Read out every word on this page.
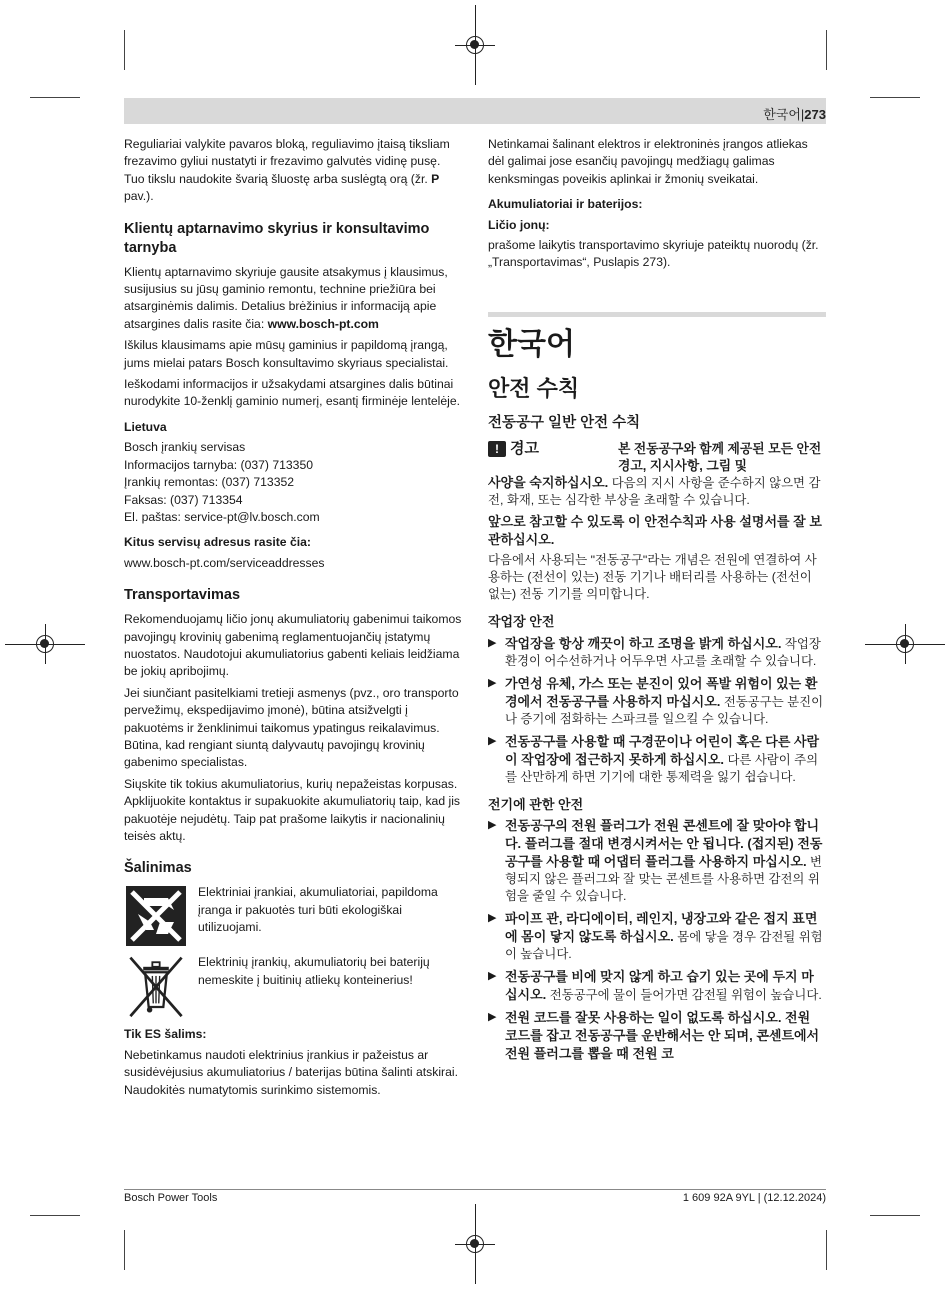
한국어|273

Reguliariai valykite pavaros bloką, reguliavimo įtaisą tiksliam frezavimo gyliui nustatyti ir frezavimo galvutės vidinę pusę. Tuo tikslu naudokite švarią šluostę arba suslėgtą orą (žr. P pav.).

Klientų aptarnavimo skyrius ir konsultavimo tarnyba

Klientų aptarnavimo skyriuje gausite atsakymus į klausimus, susijusius su jūsų gaminio remontu, technine priežiūra bei atsarginėmis dalimis. Detalius brėžinius ir informaciją apie atsargines dalis rasite čia: www.bosch-pt.com

Iškilus klausimams apie mūsų gaminius ir papildomą įrangą, jums mielai patars Bosch konsultavimo skyriaus specialistai.

Ieškodami informacijos ir užsakydami atsargines dalis būtinai nurodykite 10-ženklį gaminio numerį, esantį firminėje lentelėje.

Lietuva
Bosch įrankių servisas
Informacijos tarnyba: (037) 713350
Įrankių remontas: (037) 713352
Faksas: (037) 713354
El. paštas: service-pt@lv.bosch.com
Kitus servisų adresus rasite čia:

www.bosch-pt.com/serviceaddresses

Transportavimas

Rekomenduojamų ličio jonų akumuliatorių gabenimui taikomos pavojingų krovinių gabenimą reglamentuojančių įstatymų nuostatos. Naudotojui akumuliatorius gabenti keliais leidžiama be jokių apribojimų.

Jei siunčiant pasitelkiami tretieji asmenys (pvz., oro transporto pervežimų, ekspedijavimo įmonė), būtina atsižvelgti į pakuotėms ir ženklinimui taikomus ypatingus reikalavimus. Būtina, kad rengiant siuntą dalyvautų pavojingų krovinių gabenimo specialistas.

Siųskite tik tokius akumuliatorius, kurių nepažeistas korpusas. Apklijuokite kontaktus ir supakuokite akumuliatorių taip, kad jis pakuotėje nejudėtų. Taip pat prašome laikytis ir nacionalinių teisės aktų.

Šalinimas
Elektriniai įrankiai, akumuliatoriai, papildoma įranga ir pakuotės turi būti ekologiškai utilizuojami.
Elektrinių įrankių, akumuliatorių bei baterijų nemeskite į buitinių atliekų konteinerius!
Tik ES šalims:

Nebetinkamus naudoti elektrinius įrankius ir pažeistus ar susidėvėjusius akumuliatorius / baterijas būtina šalinti atskirai. Naudokitės numatytomis surinkimo sistemomis.

Netinkamai šalinant elektros ir elektroninės įrangos atliekas dėl galimai jose esančių pavojingų medžiagų galimas kenksmingas poveikis aplinkai ir žmonių sveikatai.

Akumuliatoriai ir baterijos:
Ličio jonų:

prašome laikytis transportavimo skyriuje pateiktų nuorodų (žr. „Transportavimas“, Puslapis 273).

한국어
안전 수칙
전동공구 일반 안전 수칙
! 경고	본 전동공구와 함께 제공된 모든 안전경고, 지시사항, 그림 및

사양을 숙지하십시오. 다음의 지시 사항을 준수하지 않으면 감전, 화재, 또는 심각한 부상을 초래할 수 있습니다.

앞으로 참고할 수 있도록 이 안전수칙과 사용 설명서를 잘 보관하십시오.

다음에서 사용되는 "전동공구"라는 개념은 전원에 연결하여 사용하는 (전선이 있는) 전동 기기나 배터리를 사용하는 (전선이 없는) 전동 기기를 의미합니다.

작업장 안전
▶ 작업장을 항상 깨끗이 하고 조명을 밝게 하십시오. 작업장 환경이 어수선하거나 어두우면 사고를 초래할 수 있습니다.
▶ 가연성 유체, 가스 또는 분진이 있어 폭발 위험이 있는 환경에서 전동공구를 사용하지 마십시오. 전동공구는 분진이나 증기에 점화하는 스파크를 일으킬 수 있습니다.
▶ 전동공구를 사용할 때 구경꾼이나 어린이 혹은 다른 사람이 작업장에 접근하지 못하게 하십시오. 다른 사람이 주의를 산만하게 하면 기기에 대한 통제력을 잃기 쉽습니다.
전기에 관한 안전
▶ 전동공구의 전원 플러그가 전원 콘센트에 잘 맞아야 합니다. 플러그를 절대 변경시켜서는 안 됩니다. (접지된) 전동공구를 사용할 때 어댑터 플러그를 사용하지 마십시오. 변형되지 않은 플러그와 잘 맞는 콘센트를 사용하면 감전의 위험을 줄일 수 있습니다.
▶ 파이프 관, 라디에이터, 레인지, 냉장고와 같은 접지 표면에 몸이 닿지 않도록 하십시오. 몸에 닿을 경우 감전될 위험이 높습니다.
▶ 전동공구를 비에 맞지 않게 하고 습기 있는 곳에 두지 마십시오. 전동공구에 물이 들어가면 감전될 위험이 높습니다.
▶ 전원 코드를 잘못 사용하는 일이 없도록 하십시오. 전원 코드를 잡고 전동공구를 운반해서는 안 되며, 콘센트에서 전원 플러그를 뽑을 때 전원 코
Bosch Power Tools	1 609 92A 9YL | (12.12.2024)
